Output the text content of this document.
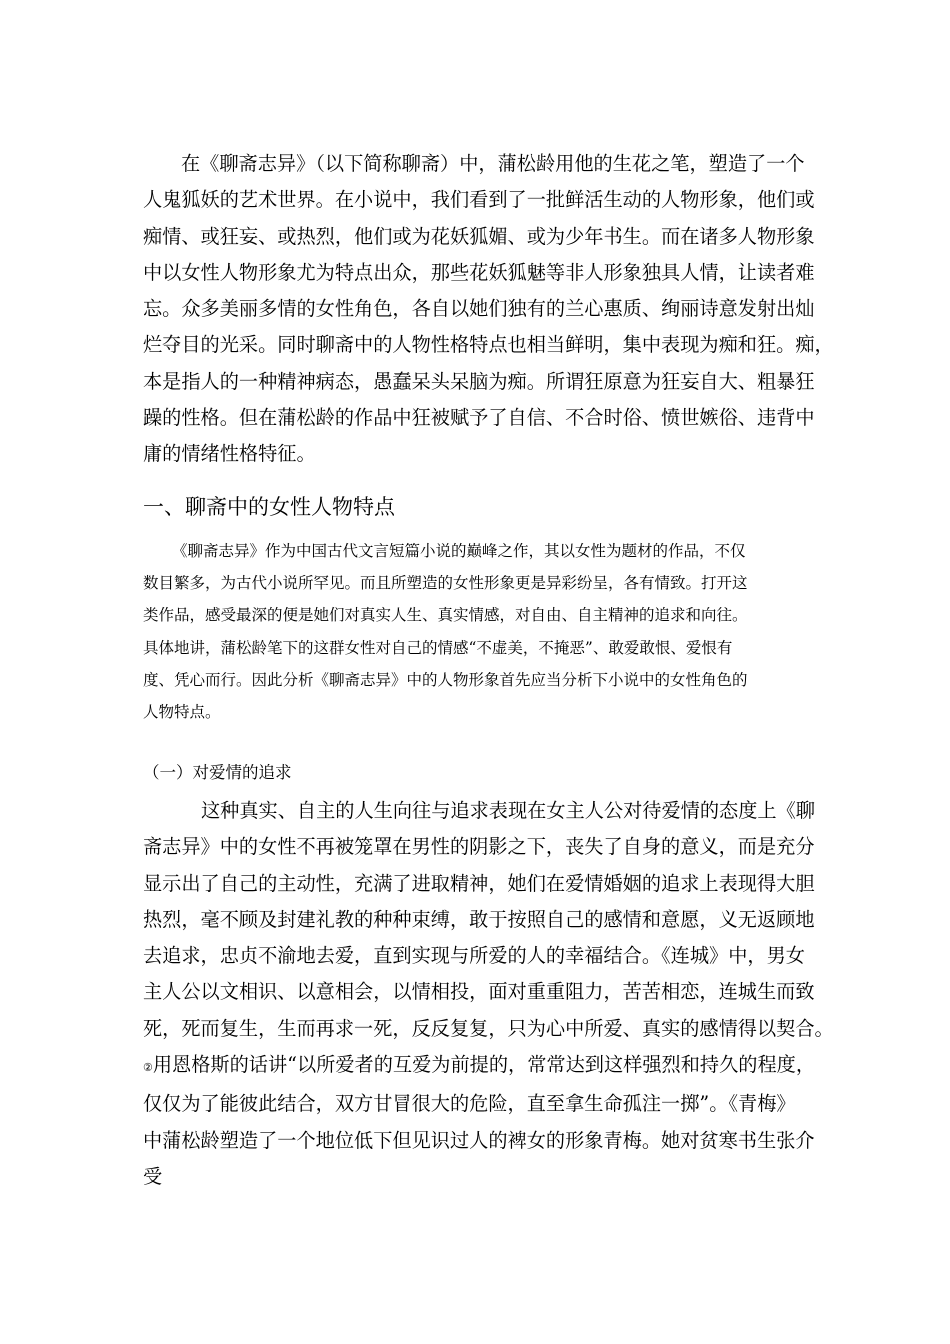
在《聊斋志异》（以下简称聊斋）中，蒲松龄用他的生花之笔，塑造了一个
人鬼狐妖的艺术世界。在小说中，我们看到了一批鲜活生动的人物形象，他们或
痴情、或狂妄、或热烈，他们或为花妖狐媚、或为少年书生。而在诸多人物形象
中以女性人物形象尤为特点出众，那些花妖狐魅等非人形象独具人情，让读者难
忘。众多美丽多情的女性角色，各自以她们独有的兰心惠质、绚丽诗意发射出灿
烂夺目的光采。同时聊斋中的人物性格特点也相当鲜明，集中表现为痴和狂。痴，
本是指人的一种精神病态，愚蠢呆头呆脑为痴。所谓狂原意为狂妄自大、粗暴狂
躁的性格。但在蒲松龄的作品中狂被赋予了自信、不合时俗、愤世嫉俗、违背中
庸的情绪性格特征。
一、聊斋中的女性人物特点
《聊斋志异》作为中国古代文言短篇小说的巅峰之作，其以女性为题材的作品，不仅
数目繁多，为古代小说所罕见。而且所塑造的女性形象更是异彩纷呈，各有情致。打开这
类作品，感受最深的便是她们对真实人生、真实情感，对自由、自主精神的追求和向往。
具体地讲，蒲松龄笔下的这群女性对自己的情感“不虚美，不掩恶”、敢爱敢恨、爱恨有
度、凭心而行。因此分析《聊斋志异》中的人物形象首先应当分析下小说中的女性角色的
人物特点。
（一）对爱情的追求
这种真实、自主的人生向往与追求表现在女主人公对待爱情的态度上《聊
斋志异》中的女性不再被笼罩在男性的阴影之下，丧失了自身的意义，而是充分
显示出了自己的主动性，充满了进取精神，她们在爱情婚姻的追求上表现得大胆
热烈，毫不顾及封建礼教的种种束缚，敢于按照自己的感情和意愿，义无返顾地
去追求，忠贞不渝地去爱，直到实现与所爱的人的幸福结合。《连城》中，男女
主人公以文相识、以意相会，以情相投，面对重重阻力，苦苦相恋，连城生而致
死，死而复生，生而再求一死，反反复复，只为心中所爱、真实的感情得以契合。
②用恩格斯的话讲“以所爱者的互爱为前提的，常常达到这样强烈和持久的程度，
仅仅为了能彼此结合，双方甘冒很大的危险，直至拿生命孤注一掷”。《青梅》
中蒲松龄塑造了一个地位低下但见识过人的裨女的形象青梅。她对贫寒书生张介
受
